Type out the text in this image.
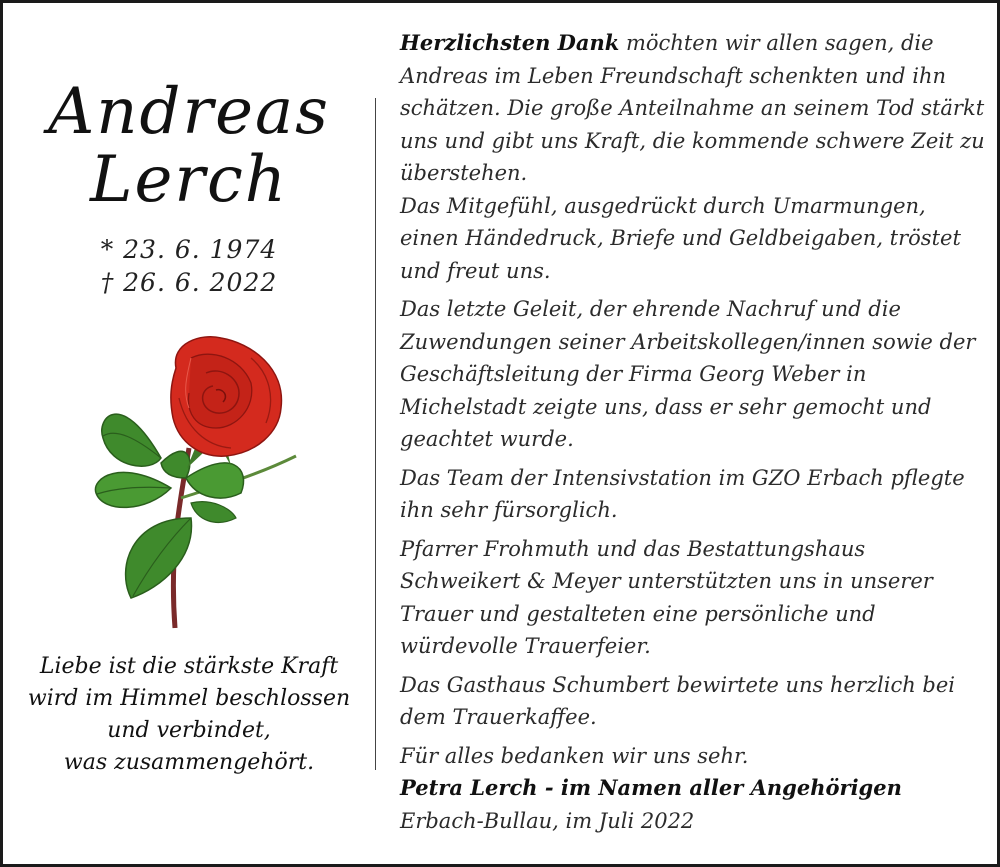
Andreas
Lerch
* 23. 6. 1974
† 26. 6. 2022
Liebe ist die stärkste Kraft
wird im Himmel beschlossen
und verbindet,
was zusammengehört.

Herzlichsten Dank möchten wir allen sagen, die Andreas im Leben Freundschaft schenkten und ihn schätzen. Die große Anteilnahme an seinem Tod stärkt uns und gibt uns Kraft, die kommende schwere Zeit zu überstehen.

Das Mitgefühl, ausgedrückt durch Umarmungen, einen Händedruck, Briefe und Geldbeigaben, tröstet und freut uns.

Das letzte Geleit, der ehrende Nachruf und die Zuwendungen seiner Arbeitskollegen/innen sowie der Geschäftsleitung der Firma Georg Weber in Michelstadt zeigte uns, dass er sehr gemocht und geachtet wurde.

Das Team der Intensivstation im GZO Erbach pflegte ihn sehr fürsorglich.

Pfarrer Frohmuth und das Bestattungshaus Schweikert & Meyer unterstützten uns in unserer Trauer und gestalteten eine persönliche und würdevolle Trauerfeier.

Das Gasthaus Schumbert bewirtete uns herzlich bei dem Trauerkaffee.

Für alles bedanken wir uns sehr.

Petra Lerch - im Namen aller Angehörigen

Erbach-Bullau, im Juli 2022
